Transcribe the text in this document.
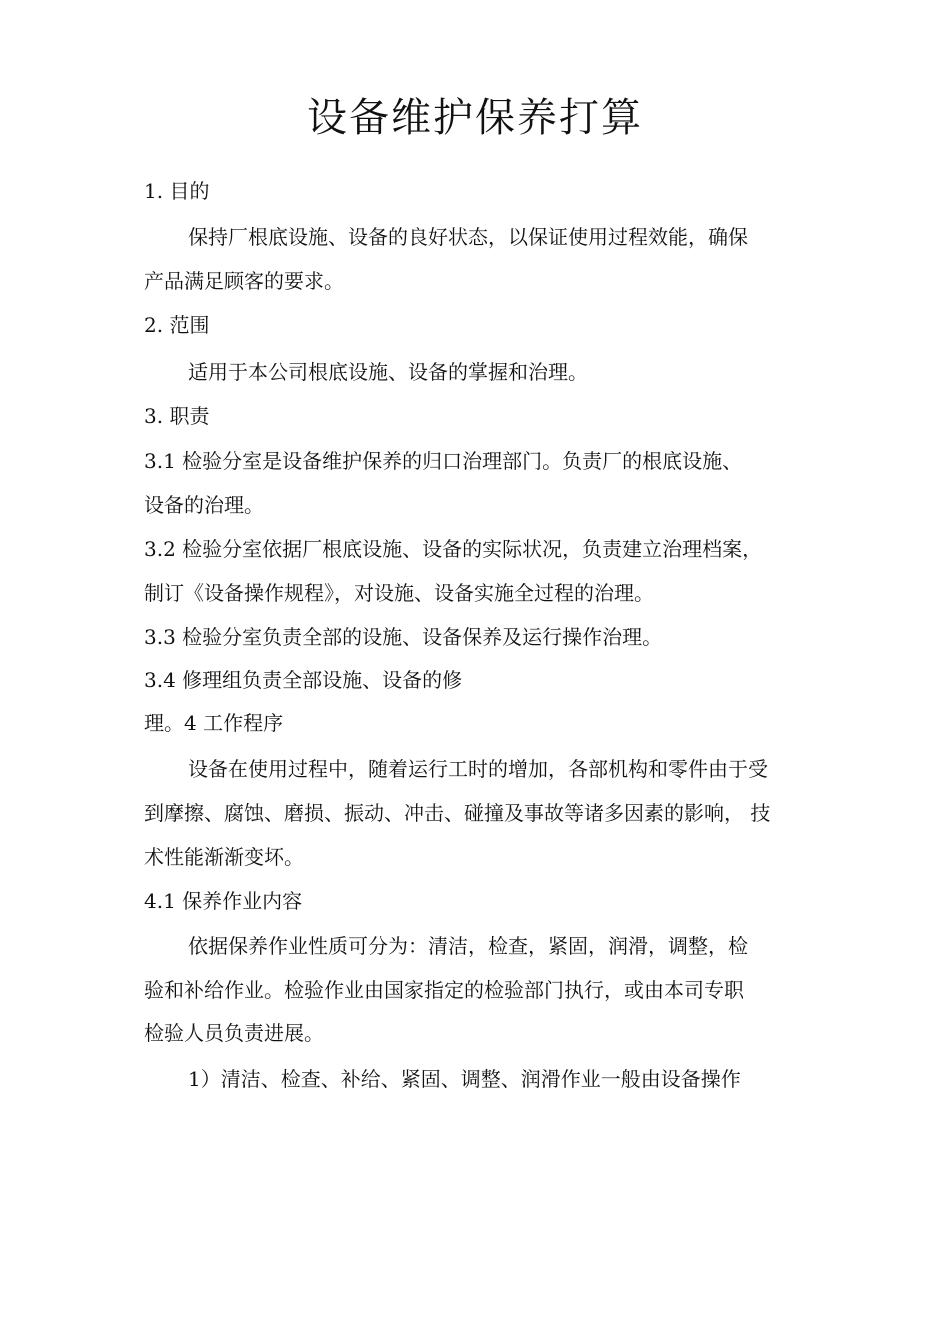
设备维护保养打算
1. 目的
保持厂根底设施、设备的良好状态，以保证使用过程效能，确保
产品满足顾客的要求。
2. 范围
适用于本公司根底设施、设备的掌握和治理。
3. 职责
3.1 检验分室是设备维护保养的归口治理部门。负责厂的根底设施、
设备的治理。
3.2 检验分室依据厂根底设施、设备的实际状况，负责建立治理档案，
制订《设备操作规程》，对设施、设备实施全过程的治理。
3.3 检验分室负责全部的设施、设备保养及运行操作治理。
3.4 修理组负责全部设施、设备的修
理。4 工作程序
设备在使用过程中，随着运行工时的增加，各部机构和零件由于受
到摩擦、腐蚀、磨损、振动、冲击、碰撞及事故等诸多因素的影响， 技
术性能渐渐变坏。
4.1 保养作业内容
依据保养作业性质可分为：清洁，检查，紧固，润滑，调整，检
验和补给作业。检验作业由国家指定的检验部门执行，或由本司专职
检验人员负责进展。
1）清洁、检查、补给、紧固、调整、润滑作业一般由设备操作
